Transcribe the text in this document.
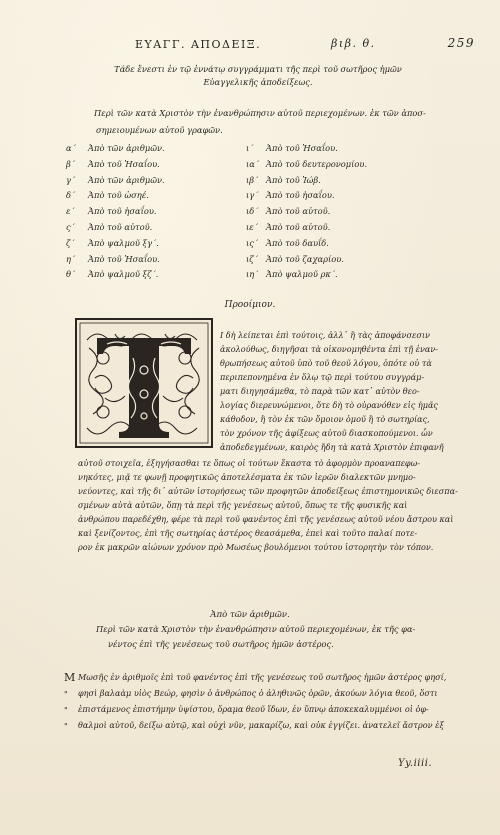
ΕΥΑΓΓ. ΑΠΟΔΕΙΞ.	βιβ. θ.	259
Τάδε ἔνεστι ἐν τῷ ἐννάτῳ συγγράμματι τῆς περὶ τοῦ σωτῆρος ἡμῶν
Εὐαγγελικῆς ἀποδείξεως.
Περὶ τῶν κατὰ Χριστὸν τὴν ἐνανθρώπησιν αὐτοῦ περιεχομένων. ἐκ τῶν ἀποσ-
σημειουμένων αὐτοῦ γραφῶν.
α΄	Ἀπὸ τῶν ἀριθμῶν.	ι΄ Ἀπὸ τοῦ Ἡσαΐου.
β΄	Ἀπὸ τοῦ Ἡσαΐου.	ια΄ Ἀπὸ τοῦ δευτερονομίου.
γ΄	Ἀπὸ τῶν ἀριθμῶν.	ιβ΄ Ἀπὸ τοῦ Ἰώβ.
δ΄	Ἀπὸ τοῦ ὠσηέ.	ιγ΄ Ἀπὸ τοῦ ἡσαΐου.
ε΄	Ἀπὸ τοῦ ἡσαΐου.	ιδ΄ Ἀπὸ τοῦ αὐτοῦ.
ς΄	Ἀπὸ τοῦ αὐτοῦ.	ιε΄ Ἀπὸ τοῦ αὐτοῦ.
ζ΄	Ἀπὸ ψαλμοῦ ξγ΄.	ις΄ Ἀπὸ τοῦ δαυΐδ.
η΄	Ἀπὸ τοῦ Ἡσαΐου.	ιζ΄ Ἀπὸ τοῦ ζαχαρίου.
θ΄	Ἀπὸ ψαλμοῦ ξζ΄.	ιη΄ Ἀπὸ ψαλμοῦ ρκ΄.
Προοίμιον.
Ι δὴ λείπεται ἐπὶ τούτοις, ἀλλ᾽ ἢ τὰς ἀποφάνσεσιν
ἀκολούθως, διηγῆσαι τὰ οἰκονομηθέντα ἐπὶ τῇ ἐναν-
θρωπήσεως αὐτοῦ ὑπὸ τοῦ θεοῦ λόγου, ὁπότε οὐ τὰ
περιπεπονημένα ἐν ὅλῳ τῷ περὶ τούτου συγγράμ-
ματι διηγησάμεθα, τὸ παρὰ τῶν κατ᾽ αὐτὸν θεο-
λογίας διερευνώμενοι, ὅτε δὴ τὸ οὐρανόθεν εἰς ἡμᾶς
κάθοδον, ἢ τὸν ἐκ τῶν ὅμοιον ὁμοῦ ἢ τὸ σωτηρίας,
τὸν χρόνον τῆς ἀφίξεως αὐτοῦ διασκοπούμενοι. ὧν
ἀποδεδεγμένων, καιρὸς ἤδη τὰ κατὰ Χριστὸν ἐπιφανῆ
αὐτοῦ στοιχεῖα, ἐξηγήσασθαι τε ὅπως οἱ τούτων ἕκαστα τὸ ἀφορμὸν προαναπεφω-
νηκότες, μιᾷ τε φωνῇ προφητικῶς ἀποτελέσματα ἐκ τῶν ἱερῶν διαλεκτῶν μνημο-
νεύοντες, καὶ τῆς δι᾽ αὐτῶν ἱστορήσεως τῶν προφητῶν ἀποδείξεως ἐπιστημονικῶς διεσπα-
σμένων αὐτὰ αὐτῶν, ὅπῃ τὰ περὶ τῆς γενέσεως αὐτοῦ, ὅπως τε τῆς φυσικῆς καὶ
ἀνθρώπου παρεδέχθη, φέρε τὰ περὶ τοῦ φανέντος ἐπὶ τῆς γενέσεως αὐτοῦ νέου ἄστρου καὶ
καὶ ξενίζοντος, ἐπὶ τῆς σωτηρίας ἀστέρος θεασάμεθα, ἐπεὶ καὶ τοῦτο παλαί ποτε-
ρον ἐκ μακρῶν αἰώνων χρόνον πρὸ Μωσέως βουλόμενοι τούτου ἱστορητὴν τὸν τόπον.
Ἀπὸ τῶν ἀριθμῶν.
Περὶ τῶν κατὰ Χριστὸν τὴν ἐνανθρώπησιν αὐτοῦ περιεχομένων, ἐκ τῆς φα-
νέντος ἐπὶ τῆς γενέσεως τοῦ σωτῆρος ἡμῶν ἀστέρος.
Μ
"
"
"
Μωσῆς ἐν ἀριθμοῖς ἐπὶ τοῦ φανέντος ἐπὶ τῆς γενέσεως τοῦ σωτῆρος ἡμῶν ἀστέρος φησί,
φησὶ βαλαὰμ υἱὸς Βεώρ, φησὶν ὁ ἀνθρώπος ὁ ἀληθινῶς ὁρῶν, ἀκούων λόγια θεοῦ, ὅστι
ἐπιστάμενος ἐπιστήμην ὑψίστου, ὅραμα θεοῦ ἴδων, ἐν ὕπνῳ ἀποκεκαλυμμένοι οἱ ὀφ-
θαλμοὶ αὐτοῦ, δείξω αὐτῷ, καὶ οὐχὶ νῦν, μακαρίζω, καὶ οὐκ ἐγγίζει. ἀνατελεῖ ἄστρον ἐξ
Yy.iiii.
